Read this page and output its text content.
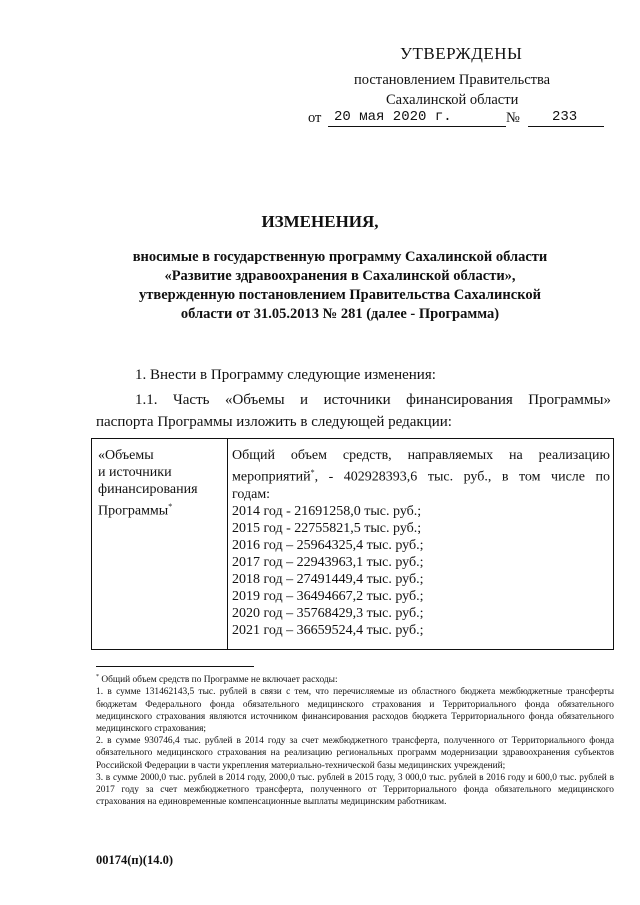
УТВЕРЖДЕНЫ
постановлением Правительства
Сахалинской области
от 20 мая 2020 г.	№ 233
ИЗМЕНЕНИЯ,
вносимые в государственную программу Сахалинской области
«Развитие здравоохранения в Сахалинской области»,
утвержденную постановлением Правительства Сахалинской
области от 31.05.2013 № 281 (далее - Программа)
1. Внести в Программу следующие изменения:
1.1. Часть «Объемы и источники финансирования Программы»
паспорта Программы изложить в следующей редакции:
«Объемы
и источники
финансирования
Программы*
Общий объем средств, направляемых на реализацию
мероприятий*, - 402928393,6 тыс. руб., в том числе по
годам:
2014 год - 21691258,0 тыс. руб.;
2015 год - 22755821,5 тыс. руб.;
2016 год – 25964325,4 тыс. руб.;
2017 год – 22943963,1 тыс. руб.;
2018 год – 27491449,4 тыс. руб.;
2019 год – 36494667,2 тыс. руб.;
2020 год – 35768429,3 тыс. руб.;
2021 год – 36659524,4 тыс. руб.;
* Общий объем средств по Программе не включает расходы:
1. в сумме 131462143,5 тыс. рублей в связи с тем, что перечисляемые из областного бюджета межбюджетные трансферты бюджетам Федерального фонда обязательного медицинского страхования и Территориального фонда обязательного медицинского страхования являются источником финансирования расходов бюджета Территориального фонда обязательного медицинского страхования;
2. в сумме 930746,4 тыс. рублей в 2014 году за счет межбюджетного трансферта, полученного от Территориального фонда обязательного медицинского страхования на реализацию региональных программ модернизации здравоохранения субъектов Российской Федерации в части укрепления материально-технической базы медицинских учреждений;
3. в сумме 2000,0 тыс. рублей в 2014 году, 2000,0 тыс. рублей в 2015 году, 3 000,0 тыс. рублей в 2016 году и 600,0 тыс. рублей в 2017 году за счет межбюджетного трансферта, полученного от Территориального фонда обязательного медицинского страхования на единовременные компенсационные выплаты медицинским работникам.
00174(п)(14.0)
